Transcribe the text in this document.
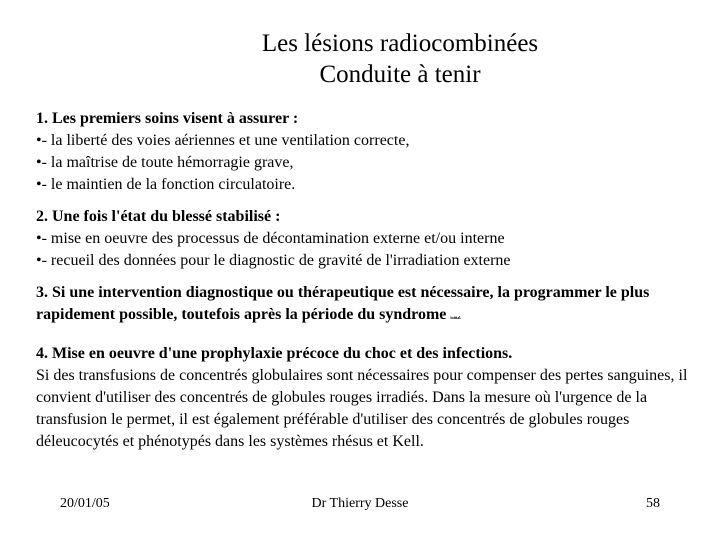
Les lésions radiocombinées
Conduite à tenir

1. Les premiers soins visent à assurer :

•- la liberté des voies aériennes et une ventilation correcte,

•- la maîtrise de toute hémorragie grave,

•- le maintien de la fonction circulatoire.

2. Une fois l'état du blessé stabilisé :

•- mise en oeuvre des processus de décontamination externe et/ou interne

•- recueil des données pour le diagnostic de gravité de l'irradiation externe

3. Si une intervention diagnostique ou thérapeutique est nécessaire, la programmer le plus rapidement possible, toutefois après la période du syndrome initial.

4. Mise en oeuvre d'une prophylaxie précoce du choc et des infections.

Si des transfusions de concentrés globulaires sont nécessaires pour compenser des pertes sanguines, il convient d'utiliser des concentrés de globules rouges irradiés. Dans la mesure où l'urgence de la transfusion le permet, il est également préférable d'utiliser des concentrés de globules rouges déleucocytés et phénotypés dans les systèmes rhésus et Kell.

20/01/05	Dr Thierry Desse	58
